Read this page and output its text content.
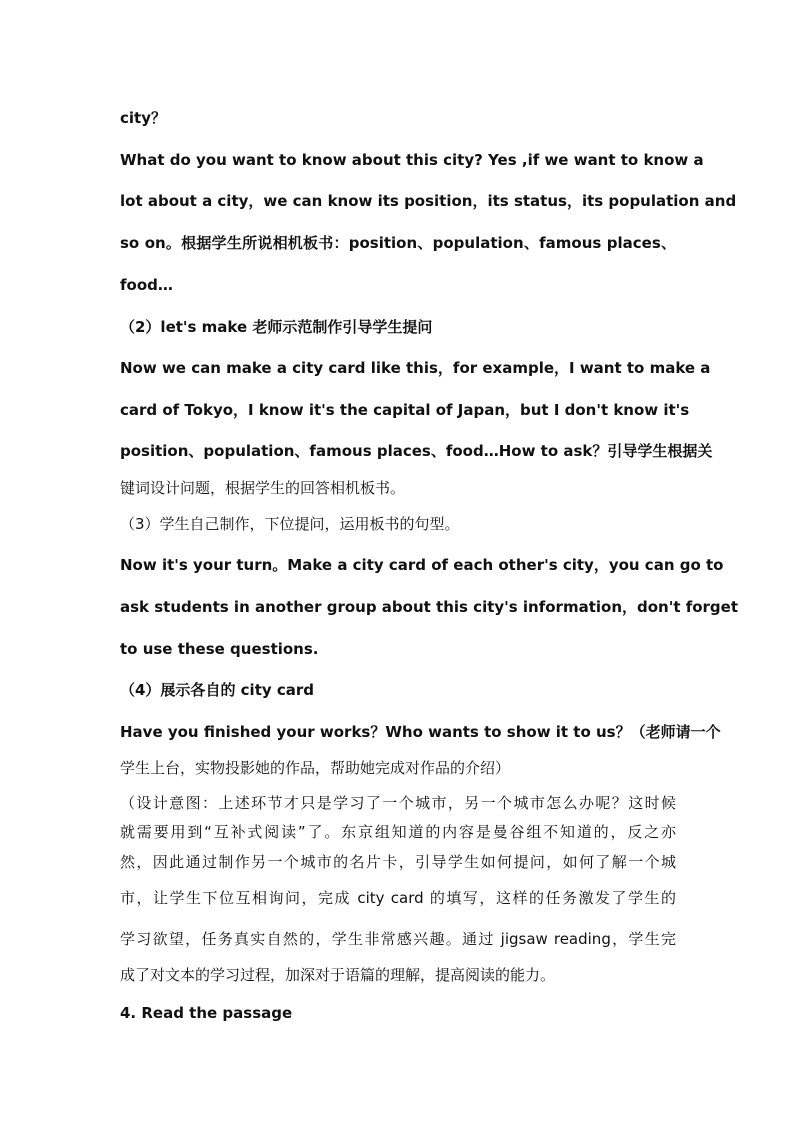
city？
What do you want to know about this city? Yes ,if we want to know a
lot about a city，we can know its position，its status，its population and
so on。根据学生所说相机板书：position、population、famous places、
food…
（2）let's make 老师示范制作引导学生提问
Now we can make a city card like this，for example，I want to make a
card of Tokyo，I know it's the capital of Japan，but I don't know it's
position、population、famous places、food…How to ask？引导学生根据关
键词设计问题，根据学生的回答相机板书。
（3）学生自己制作，下位提问，运用板书的句型。
Now it's your turn。Make a city card of each other's city，you can go to
ask students in another group about this city's information，don't forget
to use these questions.
（4）展示各自的 city card
Have you finished your works？Who wants to show it to us？（老师请一个
学生上台，实物投影她的作品，帮助她完成对作品的介绍）
（设计意图：上述环节才只是学习了一个城市，另一个城市怎么办呢？这时候
就需要用到“互补式阅读”了。东京组知道的内容是曼谷组不知道的，反之亦
然，因此通过制作另一个城市的名片卡，引导学生如何提问，如何了解一个城
市，让学生下位互相询问，完成 city card 的填写，这样的任务激发了学生的
学习欲望，任务真实自然的，学生非常感兴趣。通过 jigsaw reading，学生完
成了对文本的学习过程，加深对于语篇的理解，提高阅读的能力。
4. Read the passage
